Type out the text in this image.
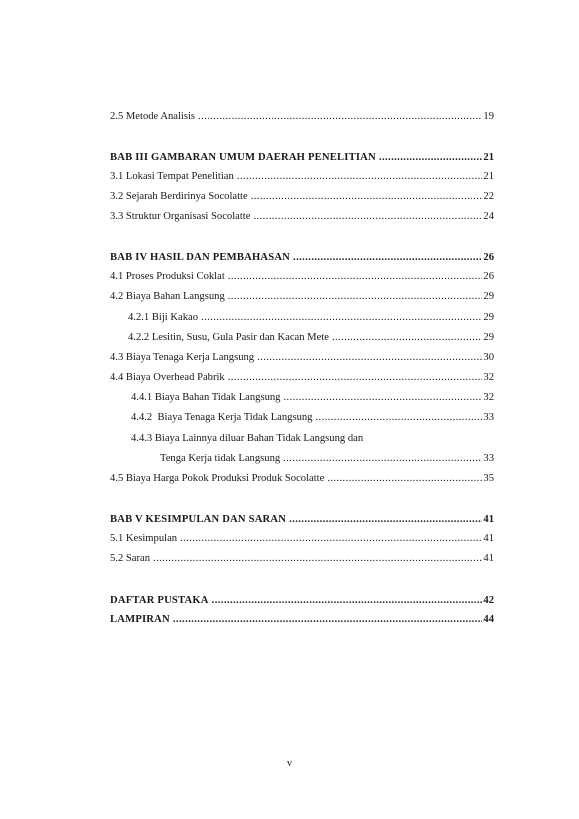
2.5 Metode Analisis .....	19
BAB III GAMBARAN UMUM DAERAH PENELITIAN .....	21
3.1 Lokasi Tempat Penelitian .....	21
3.2 Sejarah Berdirinya Socolatte .....	22
3.3 Struktur Organisasi Socolatte .....	24
BAB IV HASIL DAN PEMBAHASAN .....	26
4.1 Proses Produksi Coklat .....	26
4.2 Biaya Bahan Langsung .....	29
4.2.1 Biji Kakao .....	29
4.2.2 Lesitin, Susu, Gula Pasir dan Kacan Mete .....	29
4.3 Biaya Tenaga Kerja Langsung .....	30
4.4 Biaya Overhead Pabrik .....	32
4.4.1 Biaya Bahan Tidak Langsung .....	32
4.4.2  Biaya Tenaga Kerja Tidak Langsung .....	33
4.4.3 Biaya Lainnya diluar Bahan Tidak Langsung dan
Tenga Kerja tidak Langsung .....	33
4.5 Biaya Harga Pokok Produksi Produk Socolatte .....	35
BAB V KESIMPULAN DAN SARAN .....	41
5.1 Kesimpulan .....	41
5.2 Saran .....	41
DAFTAR PUSTAKA .....	42
LAMPIRAN .....	44
v
